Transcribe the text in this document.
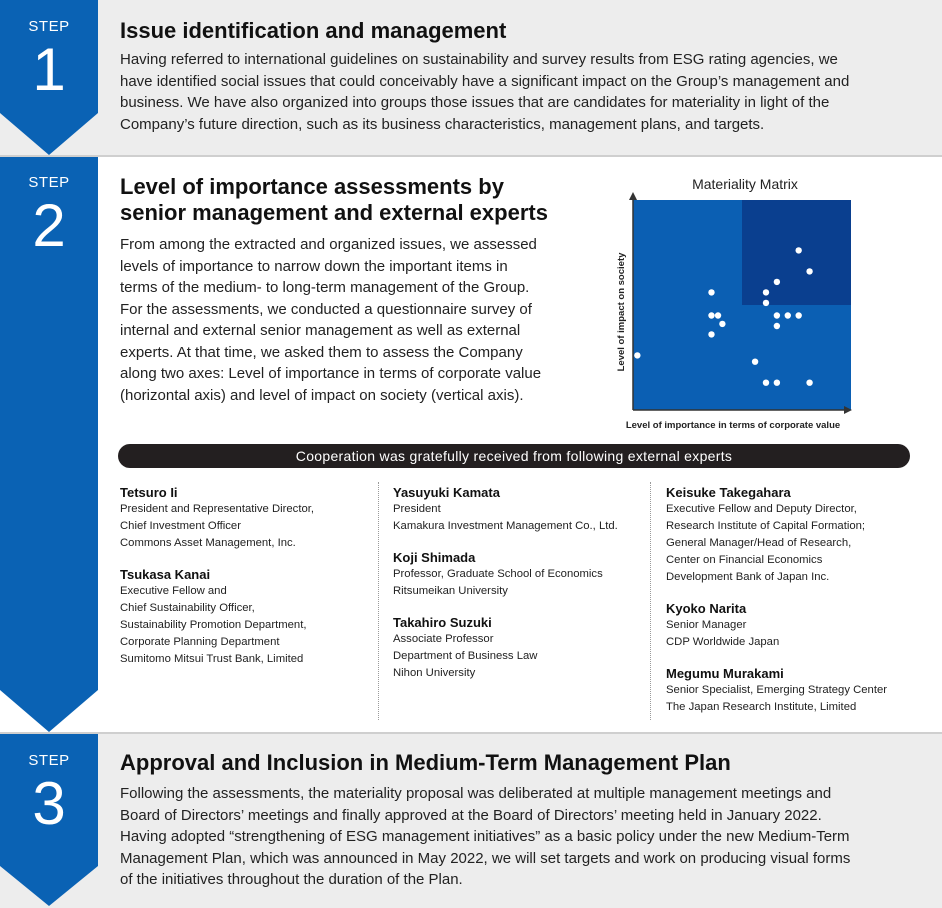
STEP
1
STEP
2
STEP
3
Issue identification and management
Having referred to international guidelines on sustainability and survey results from ESG rating agencies, we
have identified social issues that could conceivably have a significant impact on the Group’s management and
business. We have also organized into groups those issues that are candidates for materiality in light of the
Company’s future direction, such as its business characteristics, management plans, and targets.
Level of importance assessments by
senior management and external experts
From among the extracted and organized issues, we assessed
levels of importance to narrow down the important items in
terms of the medium- to long-term management of the Group.
For the assessments, we conducted a questionnaire survey of
internal and external senior management as well as external
experts. At that time, we asked them to assess the Company
along two axes: Level of importance in terms of corporate value
(horizontal axis) and level of impact on society (vertical axis).
Materiality Matrix
Level of impact on society
Level of importance in terms of corporate value
Cooperation was gratefully received from following external experts
Tetsuro Ii
President and Representative Director,
Chief Investment Officer
Commons Asset Management, Inc.
Tsukasa Kanai
Executive Fellow and
Chief Sustainability Officer,
Sustainability Promotion Department,
Corporate Planning Department
Sumitomo Mitsui Trust Bank, Limited
Yasuyuki Kamata
President
Kamakura Investment Management Co., Ltd.
Koji Shimada
Professor, Graduate School of Economics
Ritsumeikan University
Takahiro Suzuki
Associate Professor
Department of Business Law
Nihon University
Keisuke Takegahara
Executive Fellow and Deputy Director,
Research Institute of Capital Formation;
General Manager/Head of Research,
Center on Financial Economics
Development Bank of Japan Inc.
Kyoko Narita
Senior Manager
CDP Worldwide Japan
Megumu Murakami
Senior Specialist, Emerging Strategy Center
The Japan Research Institute, Limited
Approval and Inclusion in Medium-Term Management Plan
Following the assessments, the materiality proposal was deliberated at multiple management meetings and
Board of Directors’ meetings and finally approved at the Board of Directors’ meeting held in January 2022.
Having adopted “strengthening of ESG management initiatives” as a basic policy under the new Medium-Term
Management Plan, which was announced in May 2022, we will set targets and work on producing visual forms
of the initiatives throughout the duration of the Plan.
